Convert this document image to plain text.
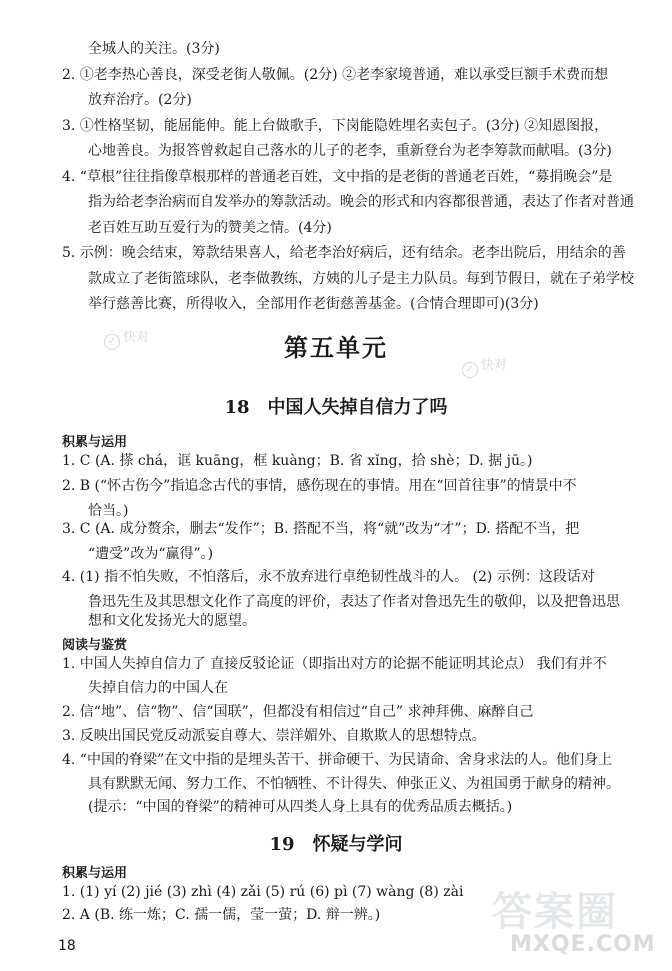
全城人的关注。(3分)
2. ①老李热心善良，深受老街人敬佩。(2分) ②老李家境普通，难以承受巨额手术费而想
放弃治疗。(2分)
3. ①性格坚韧，能屈能伸。能上台做歌手，下岗能隐姓埋名卖包子。(3分) ②知恩图报，
心地善良。为报答曾救起自己落水的儿子的老李，重新登台为老李筹款而献唱。(3分)
4. “草根”往往指像草根那样的普通老百姓，文中指的是老街的普通老百姓，“募捐晚会”是
指为给老李治病而自发举办的筹款活动。晚会的形式和内容都很普通，表达了作者对普通
老百姓互助互爱行为的赞美之情。(4分)
5. 示例：晚会结束，筹款结果喜人，给老李治好病后，还有结余。老李出院后，用结余的善
款成立了老街篮球队，老李做教练，方姨的儿子是主力队员。每到节假日，就在子弟学校
举行慈善比赛，所得收入，全部用作老街慈善基金。(合情合理即可)(3分)
✓ 快对
✓ 快对
第五单元
18 中国人失掉自信力了吗
积累与运用
1. C (A. 搽 chá，诓 kuāng，框 kuàng；B. 省 xǐng，拾 shè；D. 据 jū。)
2. B (“怀古伤今”指追念古代的事情，感伤现在的事情。用在“回首往事”的情景中不
恰当。)
3. C (A. 成分赘余，删去“发作”；B. 搭配不当，将“就”改为“才”；D. 搭配不当，把
“遭受”改为“赢得”。)
4. (1) 指不怕失败，不怕落后，永不放弃进行卓绝韧性战斗的人。 (2) 示例：这段话对
鲁迅先生及其思想文化作了高度的评价，表达了作者对鲁迅先生的敬仰，以及把鲁迅思
想和文化发扬光大的愿望。
阅读与鉴赏
1. 中国人失掉自信力了 直接反驳论证（即指出对方的论据不能证明其论点） 我们有并不
失掉自信力的中国人在
2. 信“地”、信“物”、信“国联”，但都没有相信过“自己” 求神拜佛、麻醉自己
3. 反映出国民党反动派妄自尊大、崇洋媚外、自欺欺人的思想特点。
4. “中国的脊梁”在文中指的是埋头苦干、拼命硬干、为民请命、舍身求法的人。他们身上
具有默默无闻、努力工作、不怕牺牲、不计得失、伸张正义、为祖国勇于献身的精神。
(提示：“中国的脊梁”的精神可从四类人身上具有的优秀品质去概括。)
19 怀疑与学问
积累与运用
1. (1) yí (2) jié (3) zhì (4) zǎi (5) rú (6) pì (7) wàng (8) zài
2. A (B. 练一炼；C. 孺一儒，莹一萤；D. 辩一辨。)	答案圈
MXQE.COM
18
